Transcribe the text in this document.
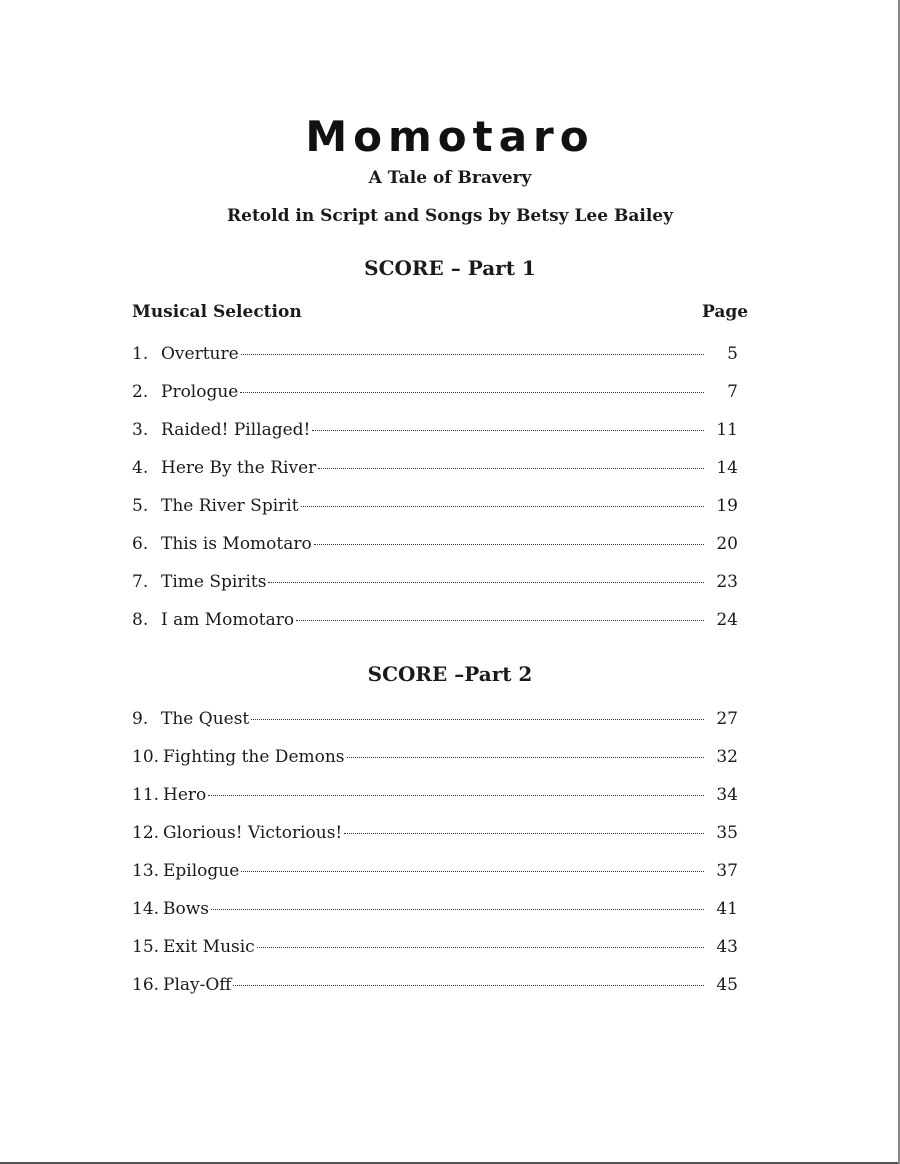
Momotaro
A Tale of Bravery
Retold in Script and Songs by Betsy Lee Bailey
SCORE – Part 1
Musical Selection	Page
1. Overture	5
2. Prologue	7
3. Raided! Pillaged!	11
4. Here By the River	14
5. The River Spirit	19
6. This is Momotaro	20
7. Time Spirits	23
8. I am Momotaro	24
SCORE –Part 2
9. The Quest	27
10. Fighting the Demons	32
11. Hero	34
12. Glorious! Victorious!	35
13. Epilogue	37
14. Bows	41
15. Exit Music	43
16. Play-Off	45
